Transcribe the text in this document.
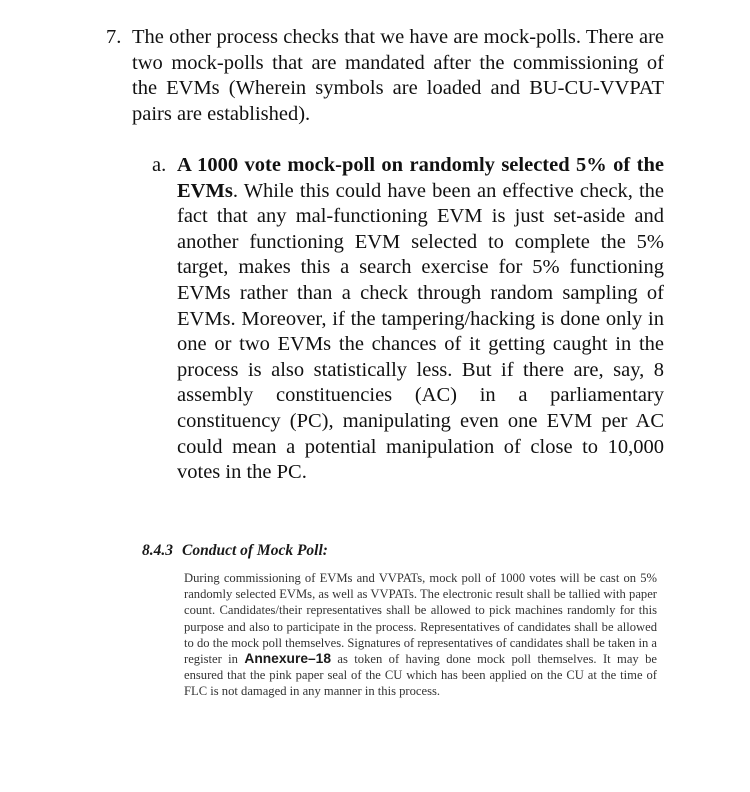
7. The other process checks that we have are mock-polls. There are two mock-polls that are mandated after the commissioning of the EVMs (Wherein symbols are loaded and BU-CU-VVPAT pairs are established).
a. A 1000 vote mock-poll on randomly selected 5% of the EVMs. While this could have been an effective check, the fact that any mal-functioning EVM is just set-aside and another functioning EVM selected to complete the 5% target, makes this a search exercise for 5% functioning EVMs rather than a check through random sampling of EVMs. Moreover, if the tampering/hacking is done only in one or two EVMs the chances of it getting caught in the process is also statistically less. But if there are, say, 8 assembly constituencies (AC) in a parliamentary constituency (PC), manipulating even one EVM per AC could mean a potential manipulation of close to 10,000 votes in the PC.
8.4.3 Conduct of Mock Poll:
During commissioning of EVMs and VVPATs, mock poll of 1000 votes will be cast on 5% randomly selected EVMs, as well as VVPATs. The electronic result shall be tallied with paper count. Candidates/their representatives shall be allowed to pick machines randomly for this purpose and also to participate in the process. Representatives of candidates shall be allowed to do the mock poll themselves. Signatures of representatives of candidates shall be taken in a register in Annexure–18 as token of having done mock poll themselves. It may be ensured that the pink paper seal of the CU which has been applied on the CU at the time of FLC is not damaged in any manner in this process.
